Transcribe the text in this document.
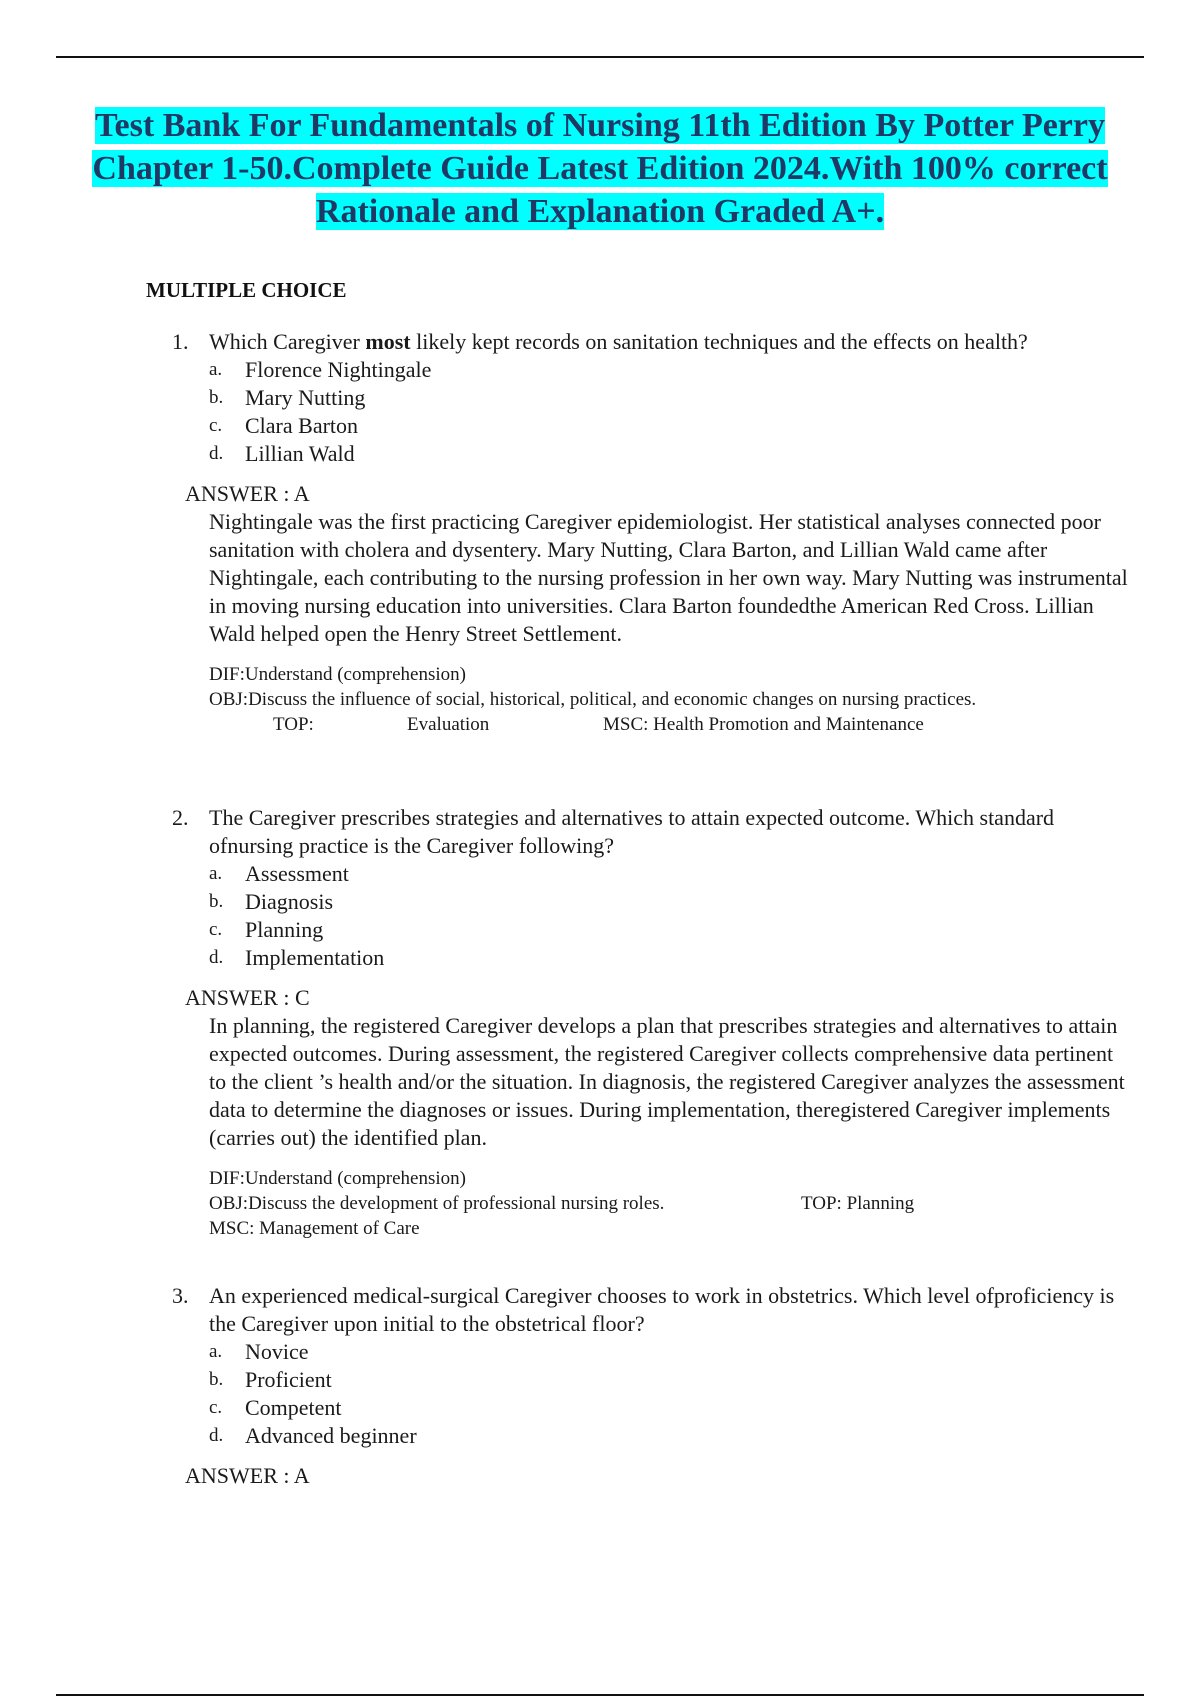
Test Bank For Fundamentals of Nursing 11th Edition By Potter Perry Chapter 1-50.Complete Guide Latest Edition 2024.With 100% correct Rationale and Explanation Graded A+.
MULTIPLE CHOICE
1. Which Caregiver most likely kept records on sanitation techniques and the effects on health?
a. Florence Nightingale
b. Mary Nutting
c. Clara Barton
d. Lillian Wald
ANSWER : A
Nightingale was the first practicing Caregiver epidemiologist. Her statistical analyses connected poor sanitation with cholera and dysentery. Mary Nutting, Clara Barton, and Lillian Wald came after Nightingale, each contributing to the nursing profession in her own way. Mary Nutting was instrumental in moving nursing education into universities. Clara Barton foundedthe American Red Cross. Lillian Wald helped open the Henry Street Settlement.
DIF:Understand (comprehension)
OBJ:Discuss the influence of social, historical, political, and economic changes on nursing practices.
TOP:	Evaluation	MSC: Health Promotion and Maintenance
2. The Caregiver prescribes strategies and alternatives to attain expected outcome. Which standard ofnursing practice is the Caregiver following?
a. Assessment
b. Diagnosis
c. Planning
d. Implementation
ANSWER : C
In planning, the registered Caregiver develops a plan that prescribes strategies and alternatives to attain expected outcomes. During assessment, the registered Caregiver collects comprehensive data pertinent to the client ’s health and/or the situation. In diagnosis, the registered Caregiver analyzes the assessment data to determine the diagnoses or issues. During implementation, theregistered Caregiver implements (carries out) the identified plan.
DIF:Understand (comprehension)
OBJ:Discuss the development of professional nursing roles.	TOP: Planning
MSC: Management of Care
3. An experienced medical-surgical Caregiver chooses to work in obstetrics. Which level ofproficiency is the Caregiver upon initial to the obstetrical floor?
a. Novice
b. Proficient
c. Competent
d. Advanced beginner
ANSWER : A
